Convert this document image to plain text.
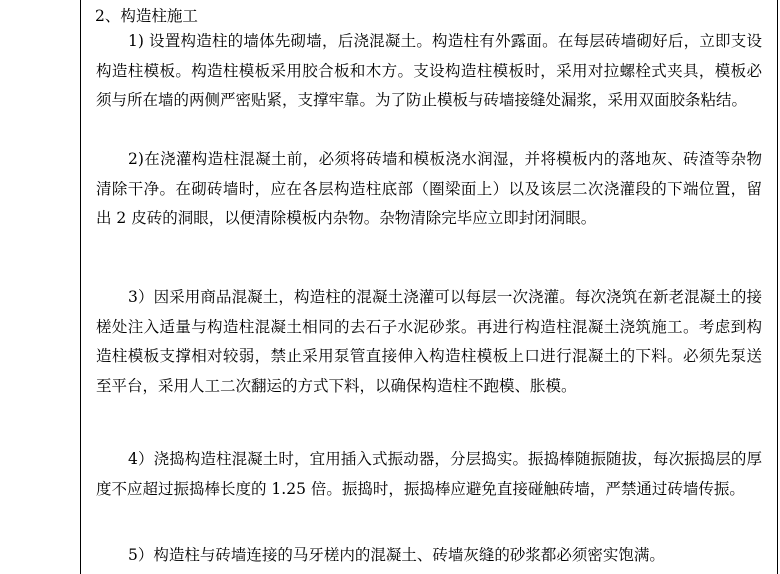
2、构造柱施工

1) 设置构造柱的墙体先砌墙，后浇混凝土。构造柱有外露面。在每层砖墙砌好后，立即支设构造柱模板。构造柱模板采用胶合板和木方。支设构造柱模板时，采用对拉螺栓式夹具，模板必须与所在墙的两侧严密贴紧，支撑牢靠。为了防止模板与砖墙接缝处漏浆，采用双面胶条粘结。

2)在浇灌构造柱混凝土前，必须将砖墙和模板浇水润湿，并将模板内的落地灰、砖渣等杂物清除干净。在砌砖墙时，应在各层构造柱底部（圈梁面上）以及该层二次浇灌段的下端位置，留出 2 皮砖的洞眼，以便清除模板内杂物。杂物清除完毕应立即封闭洞眼。

3）因采用商品混凝土，构造柱的混凝土浇灌可以每层一次浇灌。每次浇筑在新老混凝土的接槎处注入适量与构造柱混凝土相同的去石子水泥砂浆。再进行构造柱混凝土浇筑施工。考虑到构造柱模板支撑相对较弱，禁止采用泵管直接伸入构造柱模板上口进行混凝土的下料。必须先泵送至平台，采用人工二次翻运的方式下料，以确保构造柱不跑模、胀模。

4）浇捣构造柱混凝土时，宜用插入式振动器，分层捣实。振捣棒随振随拔，每次振捣层的厚度不应超过振捣棒长度的 1.25 倍。振捣时，振捣棒应避免直接碰触砖墙，严禁通过砖墙传振。

5）构造柱与砖墙连接的马牙槎内的混凝土、砖墙灰缝的砂浆都必须密实饱满。
